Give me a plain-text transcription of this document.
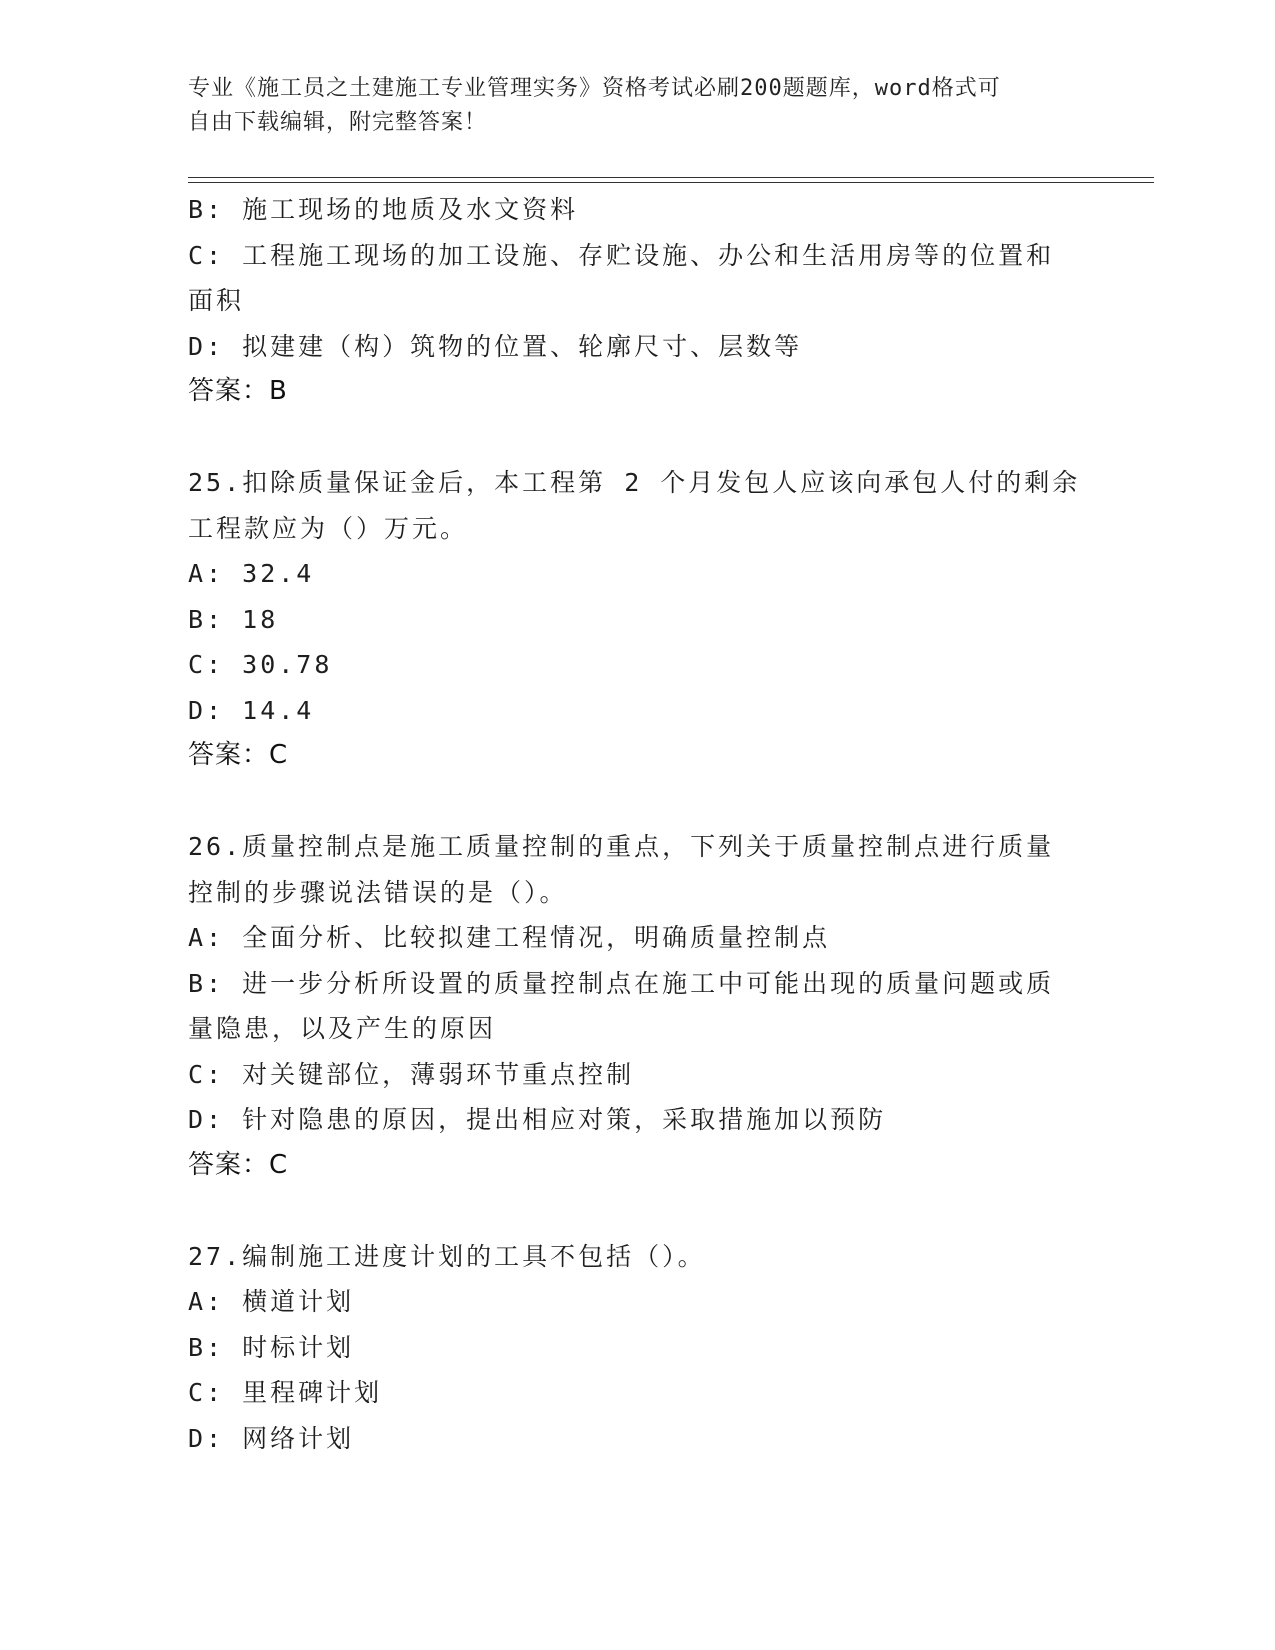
专业《施工员之土建施工专业管理实务》资格考试必刷200题题库，word格式可
自由下载编辑，附完整答案！
B: 施工现场的地质及水文资料
C: 工程施工现场的加工设施、存贮设施、办公和生活用房等的位置和
面积
D: 拟建建（构）筑物的位置、轮廓尺寸、层数等
答案：B
25.扣除质量保证金后，本工程第 2 个月发包人应该向承包人付的剩余
工程款应为（）万元。
A: 32.4
B: 18
C: 30.78
D: 14.4
答案：C
26.质量控制点是施工质量控制的重点，下列关于质量控制点进行质量
控制的步骤说法错误的是（）。
A: 全面分析、比较拟建工程情况，明确质量控制点
B: 进一步分析所设置的质量控制点在施工中可能出现的质量问题或质
量隐患，以及产生的原因
C: 对关键部位，薄弱环节重点控制
D: 针对隐患的原因，提出相应对策，采取措施加以预防
答案：C
27.编制施工进度计划的工具不包括（）。
A: 横道计划
B: 时标计划
C: 里程碑计划
D: 网络计划
